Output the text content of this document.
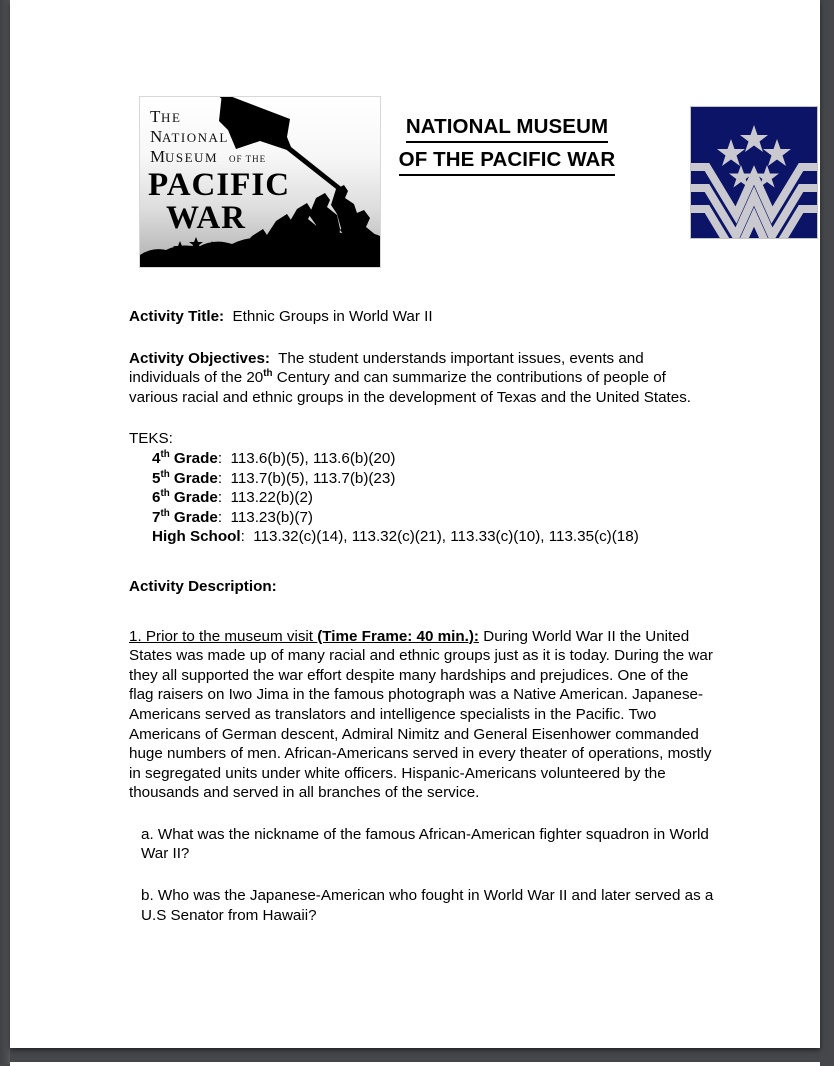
T HE
N
ATIONAL
M
USEUM OF THE
PACIFIC
WAR
NATIONAL MUSEUM OF THE PACIFIC WAR

Activity Title: Ethnic Groups in World War II

Activity Objectives: The student understands important issues, events and individuals of the 20th Century and can summarize the contributions of people of various racial and ethnic groups in the development of Texas and the United States.

TEKS:

4th Grade:  113.6(b)(5), 113.6(b)(20)
5th Grade:  113.7(b)(5), 113.7(b)(23)
6th Grade:  113.22(b)(2)
7th Grade:  113.23(b)(7)
High School:  113.32(c)(14), 113.32(c)(21), 113.33(c)(10), 113.35(c)(18)

Activity Description:

1. Prior to the museum visit (Time Frame: 40 min.): During World War II the United States was made up of many racial and ethnic groups just as it is today. During the war they all supported the war effort despite many hardships and prejudices. One of the flag raisers on Iwo Jima in the famous photograph was a Native American. Japanese-Americans served as translators and intelligence specialists in the Pacific. Two Americans of German descent, Admiral Nimitz and General Eisenhower commanded huge numbers of men. African-Americans served in every theater of operations, mostly in segregated units under white officers. Hispanic-Americans volunteered by the thousands and served in all branches of the service.

a. What was the nickname of the famous African-American fighter squadron in World War II?

b. Who was the Japanese-American who fought in World War II and later served as a U.S Senator from Hawaii?
